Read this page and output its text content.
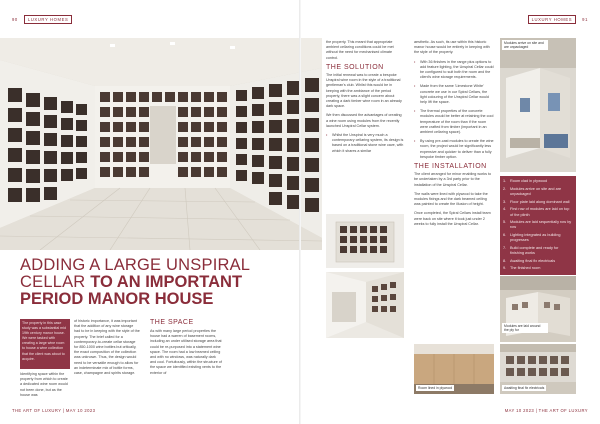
90	LUXURY HOMES	LUXURY HOMES	91
ADDING A LARGE UNSPIRAL
CELLAR TO AN IMPORTANT
PERIOD MANOR HOUSE
The property in this case study was a substantial mid 19th century manor house. We were tasked with creating a large wine room to house a wine collection that the client was about to acquire.
Identifying space within the property from which to create a dedicated wine room would not been done, but as the house was
of historic importance, it was important that the addition of any wine storage had to be in keeping with the style of the property. The brief called for a contemporary-to-create cellar storage for 850-1000 wine bottles but critically, the exact composition of the collection was unknown. Thus, the design would need to be versatile enough to allow for an indeterminate mix of bottle forms, case, champagne and spirits storage.
THE SPACE
As with many large period properties the house had a warren of basement rooms, including an under utilised storage area that could be re-purposed into a statement wine space. The room had a low beamed ceiling and with no windows, was naturally dark and cool. Fortuitously, within the structure of the space we identified existing vents to the exterior of
the property. This meant that appropriate ambient cellaring conditions could be met without the need for mechanised climate control.
THE SOLUTION
The initial renewal was to create a bespoke Unspiral wine room in the style of a traditional gentleman's club. Whilst this would be in keeping with the ambiance of the period property, there was a slight concern about creating a dark timber wine room in an already dark space.
We then discussed the advantages of creating a wine room using modules from the recently launched Unspiral Cellar system.
• Whilst the Unspiral is very much a contemporary cellaring system, its design is based on a traditional stone wine cave, with which it shares a similar
aesthetic. As such, its use within this historic manor house would be entirely in keeping with the style of the property.
• With 36 finishes in the range plus options to add feature lighting, the Unspiral Cellar could be configured to suit both the room and the client's wine storage requirements.
• Made from the same 'Limestone White' concrete we use in our Spiral Cellars, the light colouring of the Unspiral Cellar would help lift the space.
• The thermal properties of the concrete modules would be better at retaining the cool temperature of the room than if the room were crafted from timber (important in an ambient cellaring space).
• By using pre-cast modules to create the wine room, the project would be significantly less expensive and quicker to deliver than a fully bespoke timber option.
THE INSTALLATION
The client arranged for minor enabling works to be undertaken by a 3rd party prior to the installation of the Unspiral Cellar.
The walls were lined with plywood to take the modules fixings and the dark beamed ceiling was painted to create the illusion of height.
Once completed, the Spiral Cellars install team were back on site where it took just under 2 weeks to fully install the Unspiral Cellar.
Modules arrive on site and are unpackaged
1.	Room clad in plywood
2.	Modules arrive on site and are unpackaged
3.	Floor plate laid along dominant wall
4.	First row of modules are laid on top of the plinth
5.	Modules are laid sequentially row by row
6.	Lighting integrated as building progresses
7.	Build complete and ready for finishing works
8.	Awaiting final fix electricals
9.	The finished room
Modules are laid around the ply for
Room lined in plywood	Awaiting final fix electricals
THE ART OF LUXURY | MAY 10 2023	MAY 10 2023 | THE ART OF LUXURY
